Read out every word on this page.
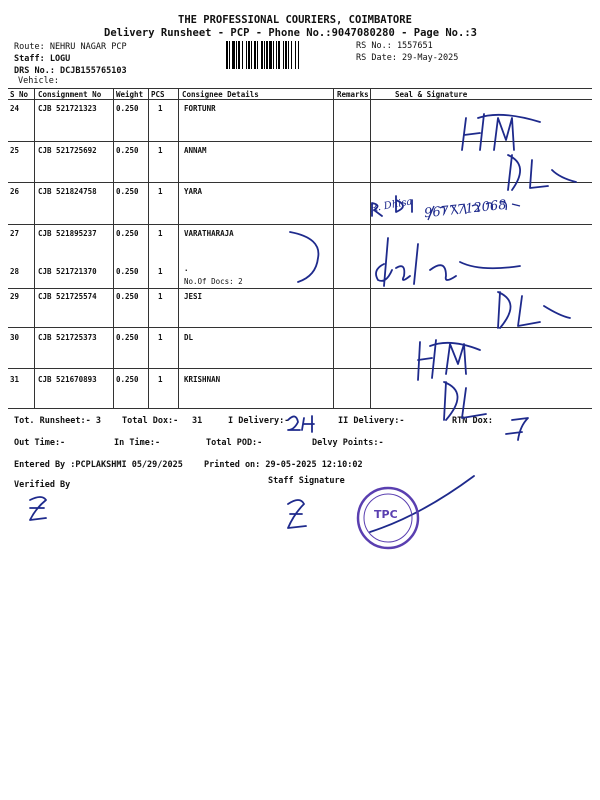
THE PROFESSIONAL COURIERS, COIMBATORE
Delivery Runsheet - PCP - Phone No.:9047080280 - Page No.:3
Route: NEHRU NAGAR PCP
Staff: LOGU
DRS No.: DCJB155765103
Vehicle:
RS No.: 1557651
RS Date: 29-May-2025
S No Consignment No Weight PCS Consignee Details	Remarks	Seal & Signature
24	CJB 521721323	0.250	1	FORTUNR
25	CJB 521725692	0.250	1	ANNAM
26	CJB 521824758	0.250	1	YARA
27	CJB 521895237	0.250	1	VARATHARAJA
28	CJB 521721370	0.250	1	.
No.Of Docs: 2
29	CJB 521725574	0.250	1	JESI
30	CJB 521725373	0.250	1	DL
31	CJB 521670893	0.250	1	KRISHNAN
Tot. Runsheet:- 3 Total Dox:- 31	I Delivery:-	II Delivery:-	RTN Dox:
Out Time:-	In Time:-	Total POD:-	Delvy Points:-
Entered By :PCPLAKSHMI 05/29/2025 Printed on: 29-05-2025 12:10:02
Verified By	Staff Signature
TPC
9677712068
R. Dhisa
